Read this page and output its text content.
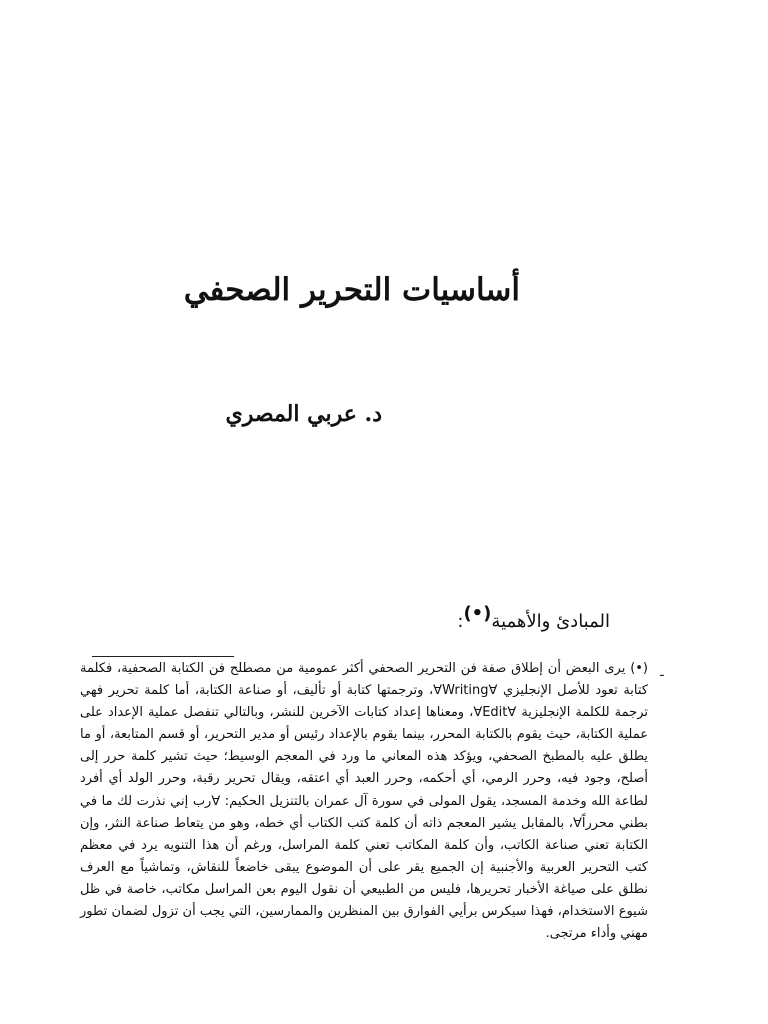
أساسيات التحرير الصحفي
د. عربي المصري
المبادئ والأهمية(•):
ـ
(•) يرى البعض أن إطلاق صفة فن التحرير الصحفي أكثر عمومية من مصطلح فن الكتابة الصحفية، فكلمة كتابة تعود للأصل الإنجليزي ∀Writing∀، وترجمتها كتابة أو تأليف، أو صناعة الكتابة، أما كلمة تحرير فهي ترجمة للكلمة الإنجليزية ∀Edit∀، ومعناها إعداد كتابات الآخرين للنشر، وبالتالي تنفصل عملية الإعداد على عملية الكتابة، حيث يقوم بالكتابة المحرر، بينما يقوم بالإعداد رئيس أو مدير التحرير، أو قسم المتابعة، أو ما يطلق عليه بالمطبخ الصحفي، ويؤكد هذه المعاني ما ورد في المعجم الوسيط؛ حيث تشير كلمة حرر إلى أصلح، وجود فيه، وحرر الرمي، أي أحكمه، وحرر العبد أي اعتقه، ويقال تحرير رقبة، وحرر الولد أي أفرد لطاعة الله وخدمة المسجد، يقول المولى في سورة آل عمران بالتنزيل الحكيم: ∀رب إني نذرت لك ما في بطني محرراً∀، بالمقابل يشير المعجم ذاته أن كلمة كتب الكتاب أي خطه، وهو من يتعاط صناعة النثر، وإن الكتابة تعني صناعة الكاتب، وأن كلمة المكاتب تعني كلمة المراسل، ورغم أن هذا التنويه يرد في معظم كتب التحرير العربية والأجنبية إن الجميع يقر على أن الموضوع يبقى خاضعاً للنقاش، وتماشياً مع العرف نطلق على صياغة الأخبار تحريرها، فليس من الطبيعي أن نقول اليوم بعن المراسل مكاتب، خاصة في ظل شيوع الاستخدام، فهذا سيكرس برأيي الفوارق بين المنظرين والممارسين، التي يجب أن تزول لضمان تطور مهني وأداء مرتجى.
